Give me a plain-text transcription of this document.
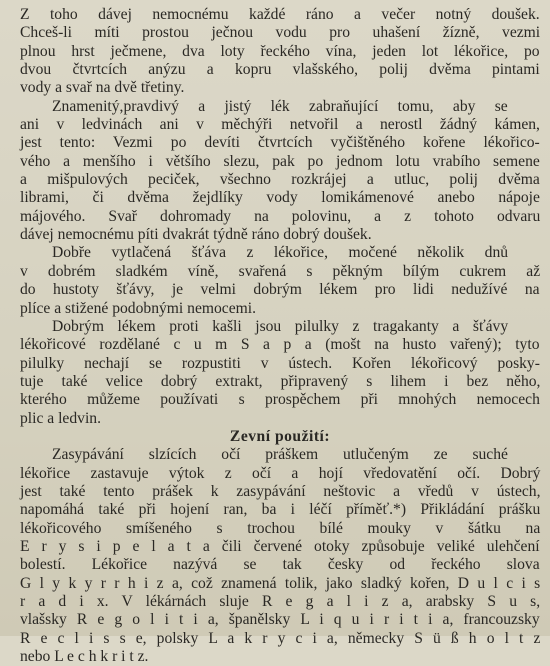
Z toho dávej nemocnému každé ráno a večer notný doušek.

Chceš-li míti prostou ječnou vodu pro uhašení žízně, vezmi
plnou hrst ječmene, dva loty řeckého vína, jeden lot lékořice, po
dvou čtvrtcích anýzu a kopru vlašského, polij dvěma pintami
vody a svař na dvě třetiny.

Znamenitý,pravdivý a jistý lék zabraňující tomu, aby se
ani v ledvinách ani v měchýři netvořil a nerostl žádný kámen,
jest tento: Vezmi po devíti čtvrtcích vyčištěného kořene lékořico-
vého a menšího i většího slezu, pak po jednom lotu vrabího semene
a mišpulových peciček, všechno rozkrájej a utluc, polij dvěma
librami, či dvěma žejdlíky vody lomikámenové anebo nápoje
májového. Svař dohromady na polovinu, a z tohoto odvaru
dávej nemocnému píti dvakrát týdně ráno dobrý doušek.

Dobře vytlačená šťáva z lékořice, močené několik dnů
v dobrém sladkém víně, svařená s pěkným bílým cukrem až
do hustoty šťávy, je velmi dobrým lékem pro lidi nedužívé na
plíce a stižené podobnými nemocemi.

Dobrým lékem proti kašli jsou pilulky z tragakanty a šťávy
lékořicové rozdělané c u m S a p a (mošt na husto vařený); tyto
pilulky nechají se rozpustiti v ústech. Kořen lékořicový posky-
tuje také velice dobrý extrakt, připravený s lihem i bez něho,
kterého můžeme používati s prospěchem při mnohých nemocech
plic a ledvin.

Zevní použití:

Zasypávání slzících očí práškem utlučeným ze suché
lékořice zastavuje výtok z očí a hojí vředovatění očí. Dobrý
jest také tento prášek k zasypávání neštovic a vředů v ústech,
napomáhá také při hojení ran, ba i léčí příměť.*) Přikládání prášku
lékořicového smíšeného s trochou bílé mouky v šátku na
E r y s i p e l a t a čili červené otoky způsobuje veliké ulehčení
bolestí. Lékořice nazývá se tak česky od řeckého slova
G l y k y r r h i z a, což znamená tolik, jako sladký kořen, D u l c i s
r a d i x. V lékárnách sluje R e g a l i z a, arabsky S u s,
vlašsky R e g o l i t i a, španělsky L i q u i r i t i a, francouzsky
R e c l i s s e, polsky L a k r y c i a, německy S ü ß h o l t z
nebo L e c h k r i t z.
